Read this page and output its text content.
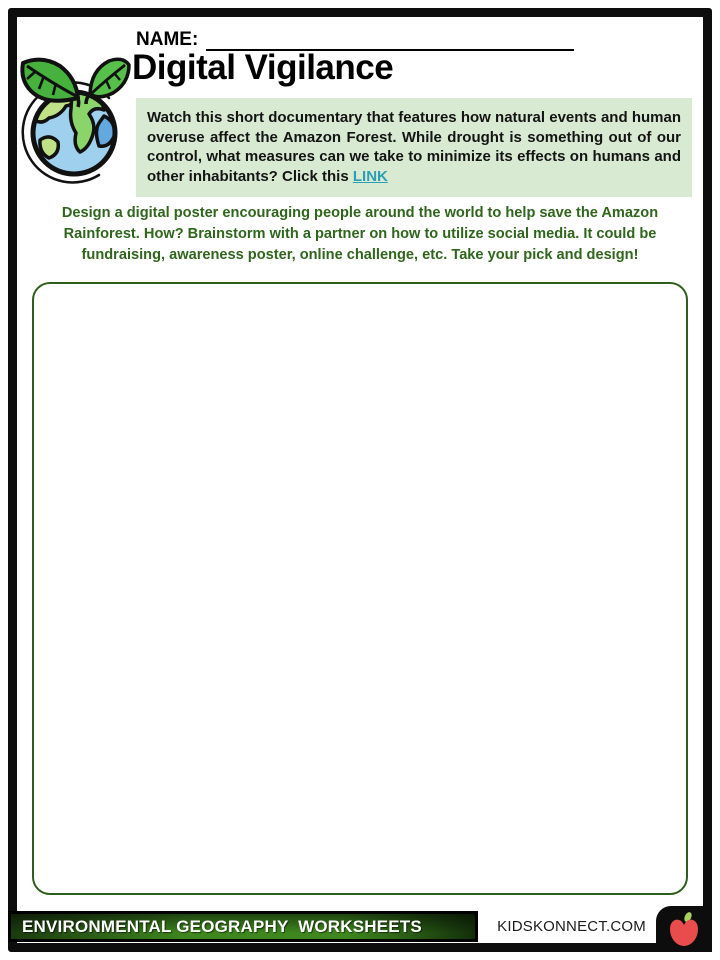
NAME:
Digital Vigilance
Watch this short documentary that features how natural events and human overuse affect the Amazon Forest. While drought is something out of our control, what measures can we take to minimize its effects on humans and other inhabitants? Click this LINK

Design a digital poster encouraging people around the world to help save the Amazon Rainforest. How? Brainstorm with a partner on how to utilize social media. It could be fundraising, awareness poster, online challenge, etc. Take your pick and design!

ENVIRONMENTAL GEOGRAPHY  WORKSHEETS	KIDSKONNECT.COM
